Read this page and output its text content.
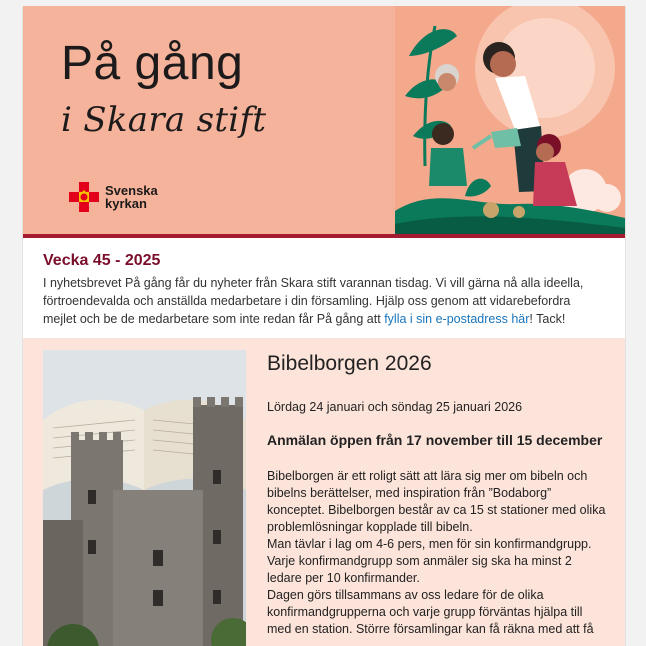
På gång
i Skara stift
Svenska
kyrkan
Vecka 45 - 2025

I nyhetsbrevet På gång får du nyheter från Skara stift varannan tisdag. Vi vill gärna nå alla ideella, förtroendevalda och anställda medarbetare i din församling. Hjälp oss genom att vidarebefordra mejlet och be de medarbetare som inte redan får På gång att fylla i sin e-postadress här! Tack!

Bibelborgen 2026

Lördag 24 januari och söndag 25 januari 2026

Anmälan öppen från 17 november till 15 december

Bibelborgen är ett roligt sätt att lära sig mer om bibeln och bibelns berättelser, med inspiration från ”Bodaborg” konceptet. Bibelborgen består av ca 15 st stationer med olika problemlösningar kopplade till bibeln.

Man tävlar i lag om 4-6 pers, men för sin konfirmandgrupp. Varje konfirmandgrupp som anmäler sig ska ha minst 2 ledare per 10 konfirmander.

Dagen görs tillsammans av oss ledare för de olika konfirmandgrupperna och varje grupp förväntas hjälpa till med en station. Större församlingar kan få räkna med att få
